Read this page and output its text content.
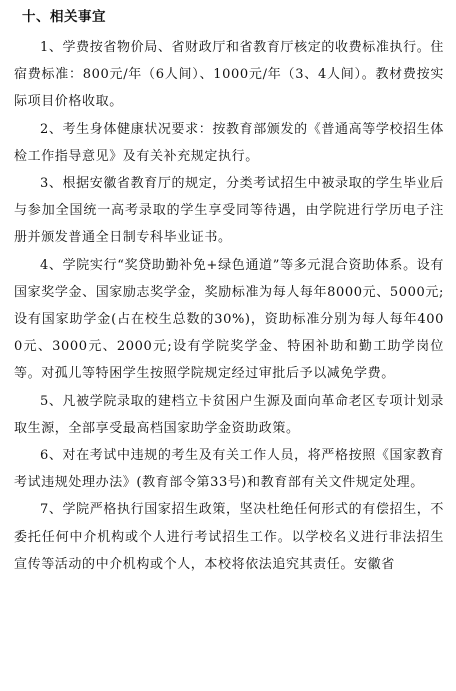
十、相关事宜

1、学费按省物价局、省财政厅和省教育厅核定的收费标准执行。住宿费标准：800元/年（6人间）、1000元/年（3、4人间）。教材费按实际项目价格收取。

2、考生身体健康状况要求：按教育部颁发的《普通高等学校招生体检工作指导意见》及有关补充规定执行。

3、根据安徽省教育厅的规定，分类考试招生中被录取的学生毕业后与参加全国统一高考录取的学生享受同等待遇，由学院进行学历电子注册并颁发普通全日制专科毕业证书。

4、学院实行“奖贷助勤补免+绿色通道”等多元混合资助体系。设有国家奖学金、国家励志奖学金，奖励标准为每人每年8000元、5000元;设有国家助学金(占在校生总数的30%)，资助标准分别为每人每年4000元、3000元、2000元;设有学院奖学金、特困补助和勤工助学岗位等。对孤儿等特困学生按照学院规定经过审批后予以减免学费。

5、凡被学院录取的建档立卡贫困户生源及面向革命老区专项计划录取生源，全部享受最高档国家助学金资助政策。

6、对在考试中违规的考生及有关工作人员，将严格按照《国家教育考试违规处理办法》(教育部令第33号)和教育部有关文件规定处理。

7、学院严格执行国家招生政策，坚决杜绝任何形式的有偿招生，不委托任何中介机构或个人进行考试招生工作。以学校名义进行非法招生宣传等活动的中介机构或个人，本校将依法追究其责任。安徽省
